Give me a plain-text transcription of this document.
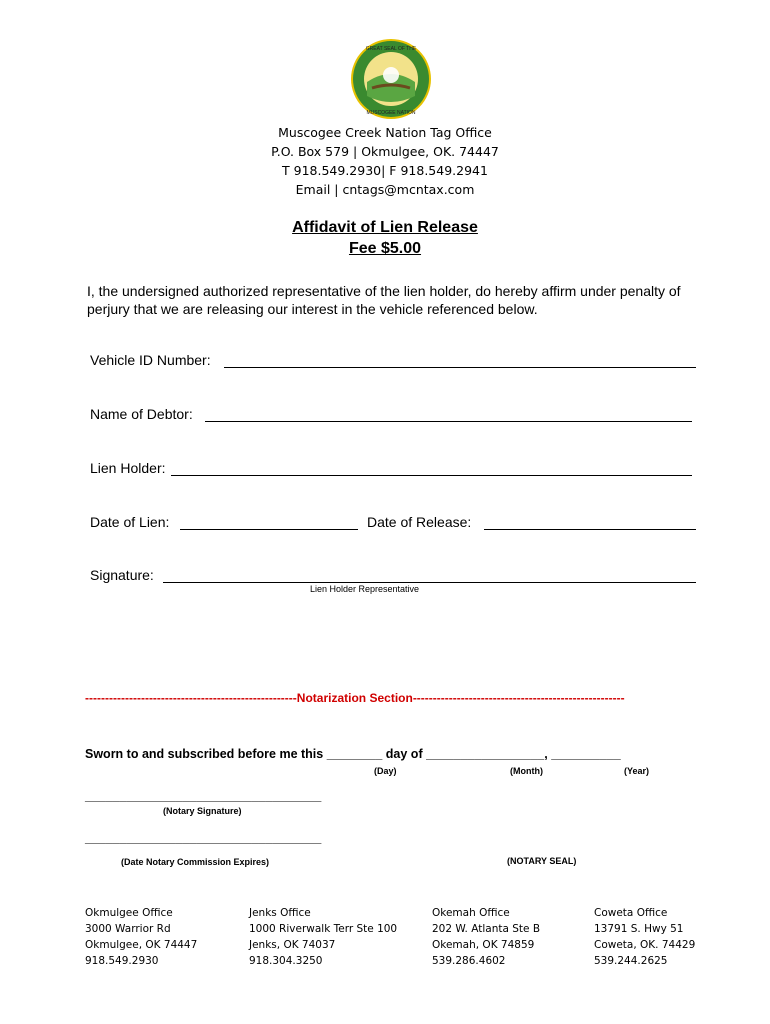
GREAT SEAL OF THE
MUSCOGEE NATION
Muscogee Creek Nation Tag Office
P.O. Box 579 | Okmulgee, OK. 74447
T 918.549.2930| F 918.549.2941
Email | cntags@mcntax.com
Affidavit of Lien Release
Fee $5.00
I, the undersigned authorized representative of the lien holder, do hereby affirm under penalty of perjury that we are releasing our interest in the vehicle referenced below.
Vehicle ID Number:
Name of Debtor:
Lien Holder:
Date of Lien:	Date of Release:
Signature:
Lien Holder Representative
-----------------------------------------------------Notarization Section-----------------------------------------------------
Sworn to and subscribed before me this ________ day of _________________, __________
(Day)	(Month)	(Year)
__________________________________
(Notary Signature)
__________________________________
(Date Notary Commission Expires)	(NOTARY SEAL)
Okmulgee Office
3000 Warrior Rd
Okmulgee, OK 74447
918.549.2930
Jenks Office
1000 Riverwalk Terr Ste 100
Jenks, OK 74037
918.304.3250
Okemah Office
202 W. Atlanta Ste B
Okemah, OK 74859
539.286.4602
Coweta Office
13791 S. Hwy 51
Coweta, OK. 74429
539.244.2625
